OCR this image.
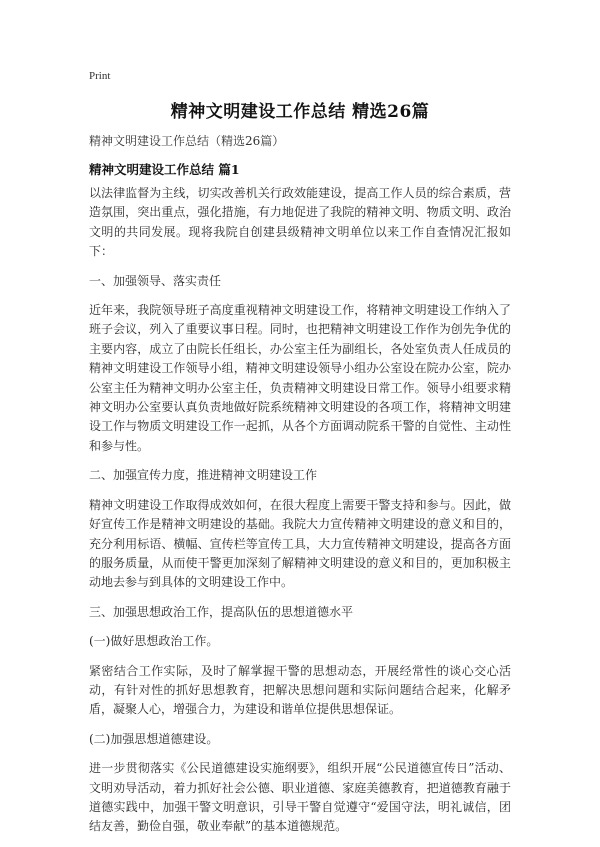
Print
精神文明建设工作总结 精选26篇
精神文明建设工作总结（精选26篇）
精神文明建设工作总结 篇1

以法律监督为主线，切实改善机关行政效能建设，提高工作人员的综合素质，营造氛围，突出重点，强化措施，有力地促进了我院的精神文明、物质文明、政治文明的共同发展。现将我院自创建县级精神文明单位以来工作自查情况汇报如下：

一、加强领导、落实责任

近年来，我院领导班子高度重视精神文明建设工作，将精神文明建设工作纳入了班子会议，列入了重要议事日程。同时，也把精神文明建设工作作为创先争优的主要内容，成立了由院长任组长，办公室主任为副组长，各处室负责人任成员的精神文明建设工作领导小组，精神文明建设领导小组办公室设在院办公室，院办公室主任为精神文明办公室主任，负责精神文明建设日常工作。领导小组要求精神文明办公室要认真负责地做好院系统精神文明建设的各项工作，将精神文明建设工作与物质文明建设工作一起抓，从各个方面调动院系干警的自觉性、主动性和参与性。

二、加强宣传力度，推进精神文明建设工作

精神文明建设工作取得成效如何，在很大程度上需要干警支持和参与。因此，做好宣传工作是精神文明建设的基础。我院大力宣传精神文明建设的意义和目的，充分利用标语、横幅、宣传栏等宣传工具，大力宣传精神文明建设，提高各方面的服务质量，从而使干警更加深刻了解精神文明建设的意义和目的，更加积极主动地去参与到具体的文明建设工作中。

三、加强思想政治工作，提高队伍的思想道德水平

(一)做好思想政治工作。

紧密结合工作实际，及时了解掌握干警的思想动态，开展经常性的谈心交心活动，有针对性的抓好思想教育，把解决思想问题和实际问题结合起来，化解矛盾，凝聚人心，增强合力，为建设和谐单位提供思想保证。

(二)加强思想道德建设。

进一步贯彻落实《公民道德建设实施纲要》，组织开展“公民道德宣传日”活动、文明劝导活动，着力抓好社会公德、职业道德、家庭美德教育，把道德教育融于道德实践中，加强干警文明意识，引导干警自觉遵守“爱国守法，明礼诚信，团结友善，勤俭自强，敬业奉献”的基本道德规范。
